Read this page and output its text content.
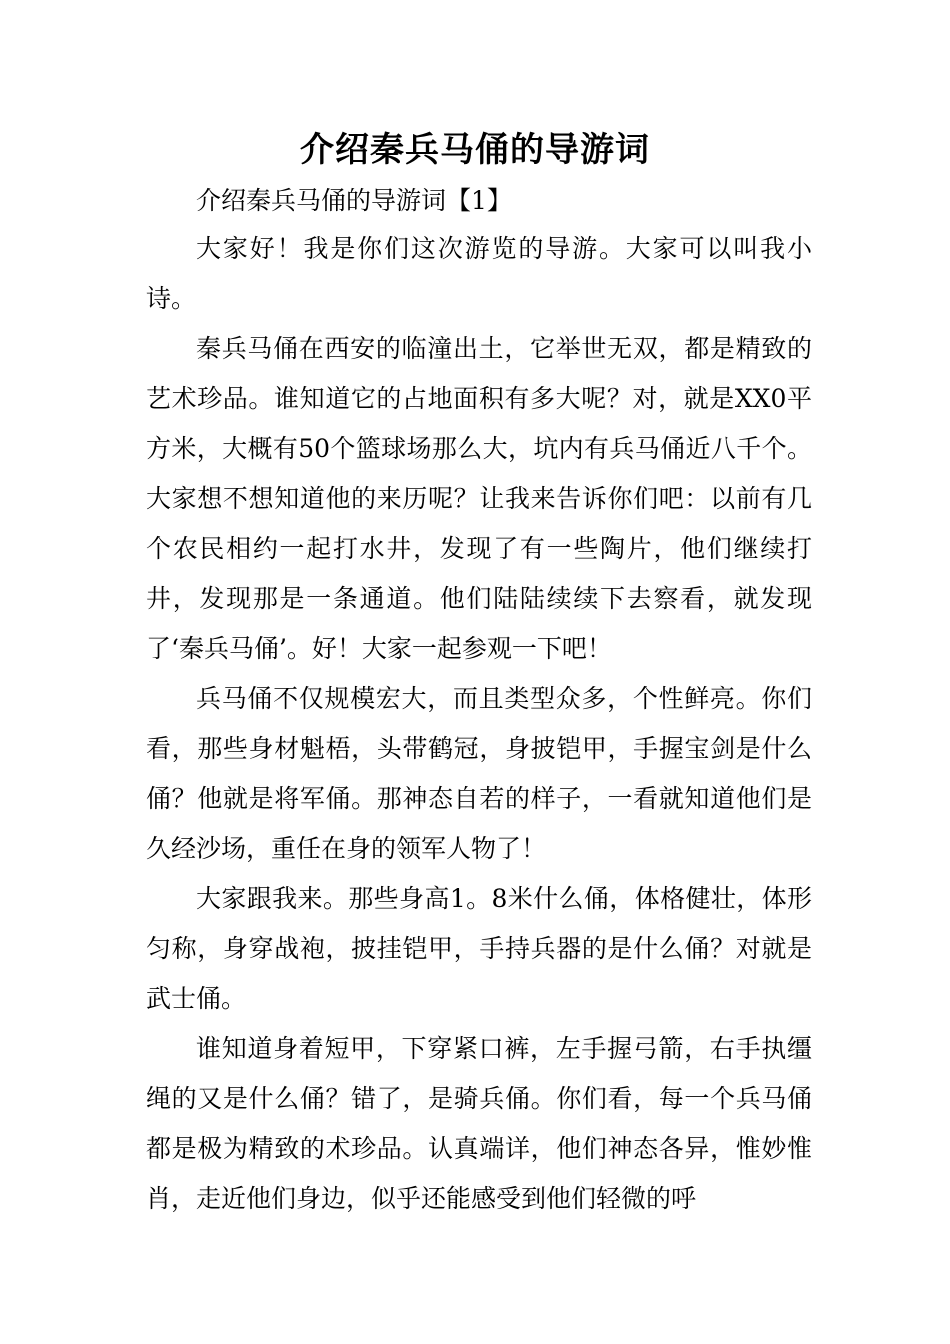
介绍秦兵马俑的导游词
介绍秦兵马俑的导游词【1】

大家好！我是你们这次游览的导游。大家可以叫我小诗。

秦兵马俑在西安的临潼出土，它举世无双，都是精致的艺术珍品。谁知道它的占地面积有多大呢？对，就是XX0平方米，大概有50个篮球场那么大，坑内有兵马俑近八千个。大家想不想知道他的来历呢？让我来告诉你们吧：以前有几个农民相约一起打水井，发现了有一些陶片，他们继续打井，发现那是一条通道。他们陆陆续续下去察看，就发现了‘秦兵马俑’。好！大家一起参观一下吧！

兵马俑不仅规模宏大，而且类型众多，个性鲜亮。你们看，那些身材魁梧，头带鹤冠，身披铠甲，手握宝剑是什么俑？他就是将军俑。那神态自若的样子，一看就知道他们是久经沙场，重任在身的领军人物了！

大家跟我来。那些身高1。8米什么俑，体格健壮，体形匀称，身穿战袍，披挂铠甲，手持兵器的是什么俑？对就是武士俑。

谁知道身着短甲，下穿紧口裤，左手握弓箭，右手执缰绳的又是什么俑？错了，是骑兵俑。你们看，每一个兵马俑都是极为精致的术珍品。认真端详，他们神态各异，惟妙惟肖，走近他们身边，似乎还能感受到他们轻微的呼
